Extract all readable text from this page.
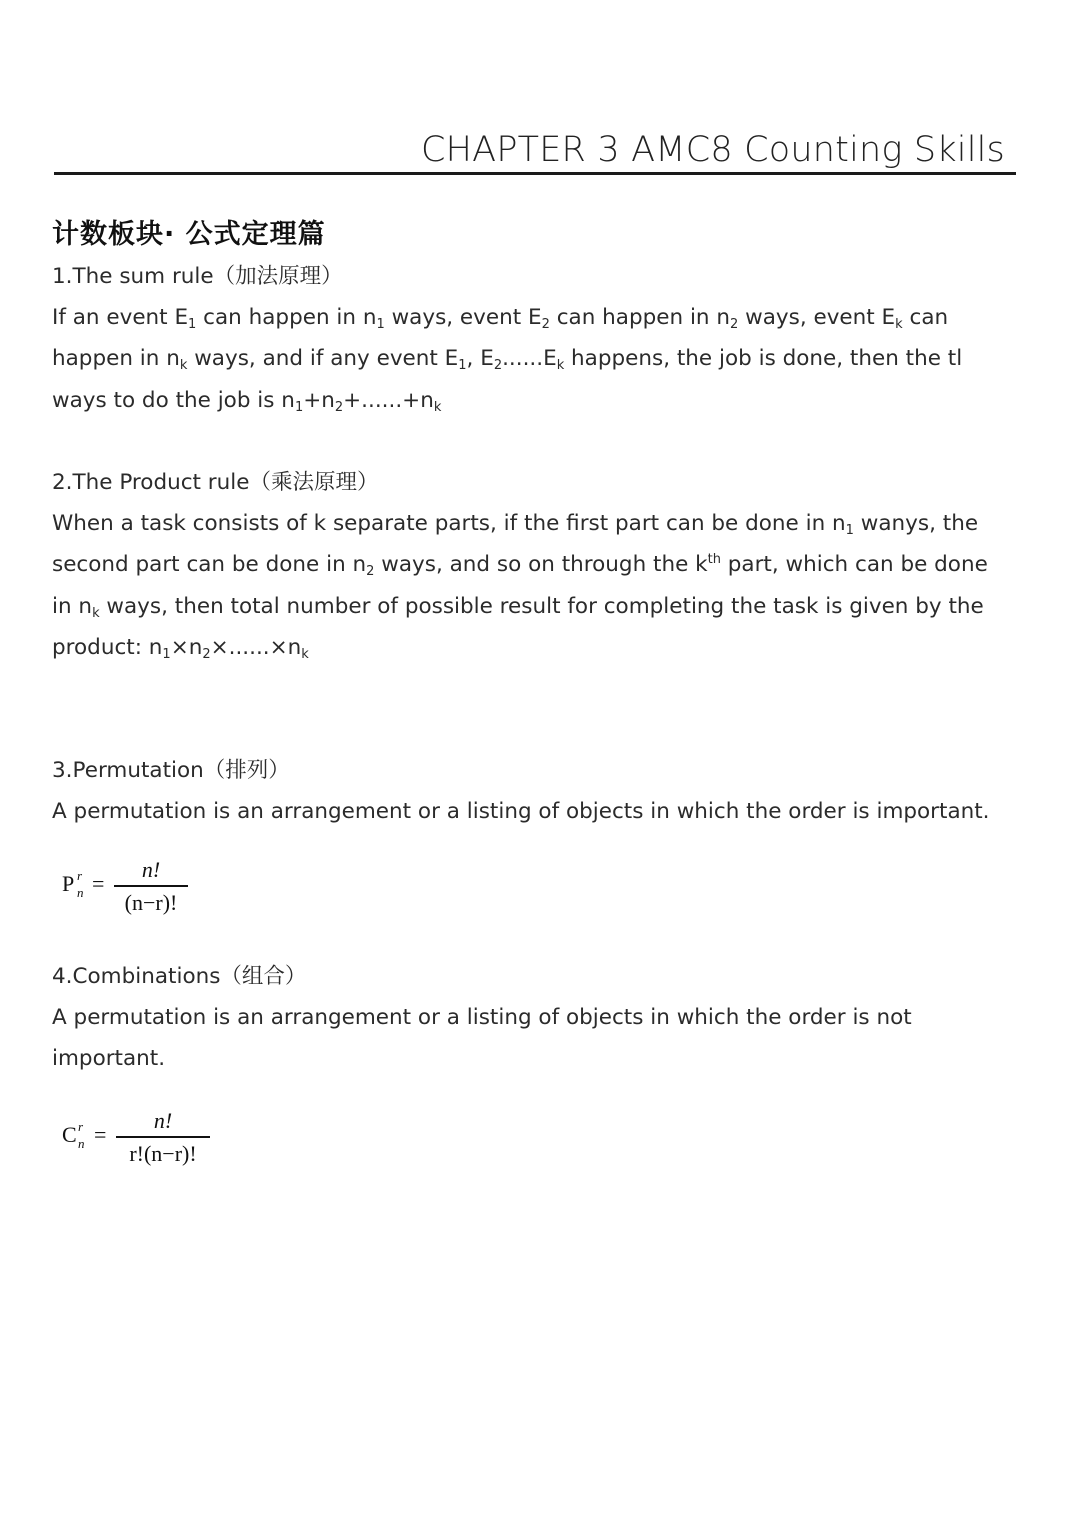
CHAPTER 3 AMC8 Counting Skills
计数板块· 公式定理篇
1.The sum rule（加法原理）
If an event $E_1$ can happen in $n_1$ ways, event $E_2$ can happen in $n_2$ ways, event $E_k$ can
happen in $n_k$ ways, and if any event $E_1$, $E_2......E_k$ happens, the job is done, then the tl
ways to do the job is $n_1+n_2+......+n_k$
2.The Product rule（乘法原理）
When a task consists of k separate parts, if the first part can be done in $n_1$ wanys, the
second part can be done in $n_2$ ways, and so on through the $k^{th}$ part, which can be done
in $n_k$ ways, then total number of possible result for completing the task is given by the
product: $n_1\times n_2\times......\times n_k$
3.Permutation（排列）
A permutation is an arrangement or a listing of objects in which the order is important.
P r
n =
n!
(n−r)!
4.Combinations（组合）
A permutation is an arrangement or a listing of objects in which the order is not
important.
C r
n =
n!
r!(n−r)!
